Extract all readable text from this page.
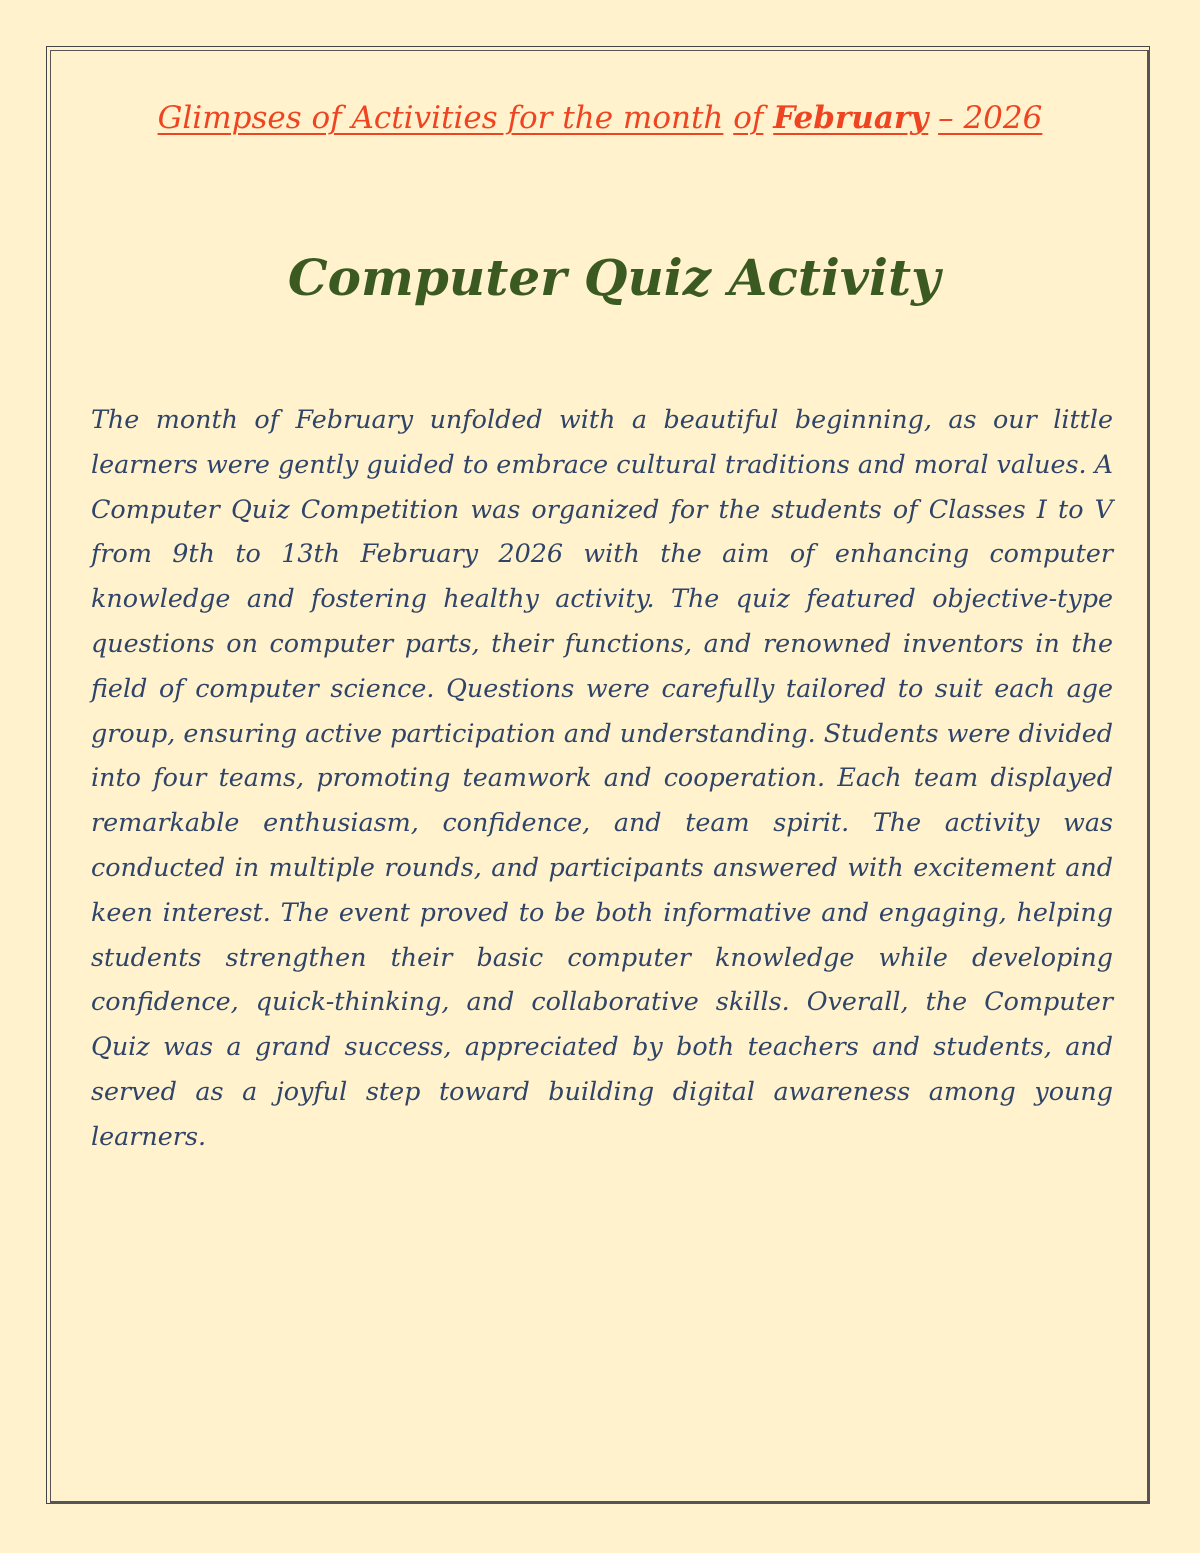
Glimpses of Activities for the month of February – 2026
Computer Quiz Activity

The month of February unfolded with a beautiful beginning, as our little learners were gently guided to embrace cultural traditions and moral values. A Computer Quiz Competition was organized for the students of Classes I to V from 9th to 13th February 2026 with the aim of enhancing computer knowledge and fostering healthy activity. The quiz featured objective-type questions on computer parts, their functions, and renowned inventors in the field of computer science. Questions were carefully tailored to suit each age group, ensuring active participation and understanding. Students were divided into four teams, promoting teamwork and cooperation. Each team displayed remarkable enthusiasm, confidence, and team spirit. The activity was conducted in multiple rounds, and participants answered with excitement and keen interest. The event proved to be both informative and engaging, helping students strengthen their basic computer knowledge while developing confidence, quick-thinking, and collaborative skills. Overall, the Computer Quiz was a grand success, appreciated by both teachers and students, and served as a joyful step toward building digital awareness among young learners.
